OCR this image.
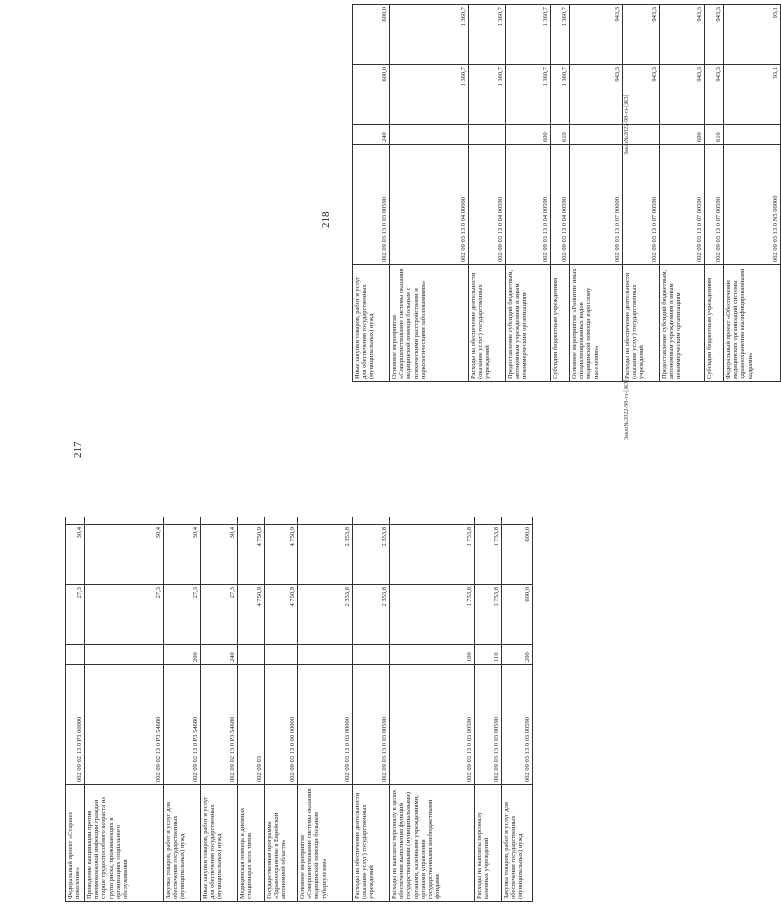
217
Заказ№2022-98-тз-[ЖЗ]
218
Заказ№2022-98-тз-[ЖЗ]
Федеральный проект «Старшее поколение»
002 09 02 13 0 P3 00000
27,3
30,4
Проведение вакцинации против пневмококковой инфекции граждан старше трудоспособного возраста из групп риска, проживающих в организациях социального обслуживания
002 09 02 13 0 P3 54680
27,3
30,4
Закупка товаров, работ и услуг для обеспечения государственных (муниципальных) нужд
002 09 02 13 0 P3 54680
200
27,3
30,4
Иные закупки товаров, работ и услуг для обеспечения государственных (муниципальных) нужд
002 09 02 13 0 P3 54680
240
27,3
30,4
Медицинская помощь в дневных стационарах всех типов
002 09 03
4 750,9
4 750,9
Государственная программа «Здравоохранение в Еврейской автономной области»
002 09 03 13 0 00 00000
4 750,9
4 750,9
Основное мероприятие «Совершенствование системы оказания медицинской помощи больным туберкулезом»
002 09 03 13 0 03 00000
2 353,8
2 353,8
Расходы на обеспечение деятельности (оказание услуг) государственных учреждений
002 09 03 13 0 03 00590
2 353,8
2 353,8
Расходы на выплаты персоналу в целях обеспечения выполнения функций государственными (муниципальными) органами, казенными учреждениями, органами управления государственными внебюджетными фондами
002 09 03 13 0 03 00590
100
1 753,8
1 753,8
Расходы на выплаты персоналу казенных учреждений
002 09 03 13 0 03 00590
110
1 753,8
1 753,8
Закупка товаров, работ и услуг для обеспечения государственных (муниципальных) нужд
002 09 03 13 0 03 00590
200
600,0
600,0
Иные закупки товаров, работ и услуг для обеспечения государственных (муниципальных) нужд
002 09 03 13 0 03 00590
240
600,0
600,0
Основное мероприятие «Совершенствование системы оказания медицинской помощи больным с психическими расстройствами и наркологическими заболеваниями»
002 09 03 13 0 04 00000
1 360,7
1 360,7
Расходы на обеспечение деятельности (оказание услуг) государственных учреждений
002 09 03 13 0 04 00590
1 360,7
1 360,7
Предоставление субсидий бюджетным, автономным учреждениям и иным некоммерческим организациям
002 09 03 13 0 04 00590
600
1 360,7
1 360,7
Субсидии бюджетным учреждениям
002 09 03 13 0 04 00590
610
1 360,7
1 360,7
Основное мероприятие «Развитие иных специализированных видов медицинской помощи взрослому населению»
002 09 03 13 0 07 00000
943,3
943,3
Расходы на обеспечение деятельности (оказание услуг) государственных учреждений
002 09 03 13 0 07 00590
943,3
943,3
Предоставление субсидий бюджетным, автономным учреждениям и иным некоммерческим организациям
002 09 03 13 0 07 00590
600
943,3
943,3
Субсидии бюджетным учреждениям
002 09 03 13 0 07 00590
610
943,3
943,3
Федеральный проект «Обеспечение медицинских организаций системы здравоохранения квалифицированными кадрами»
002 09 03 13 0 N5 00000
93,1
93,1
